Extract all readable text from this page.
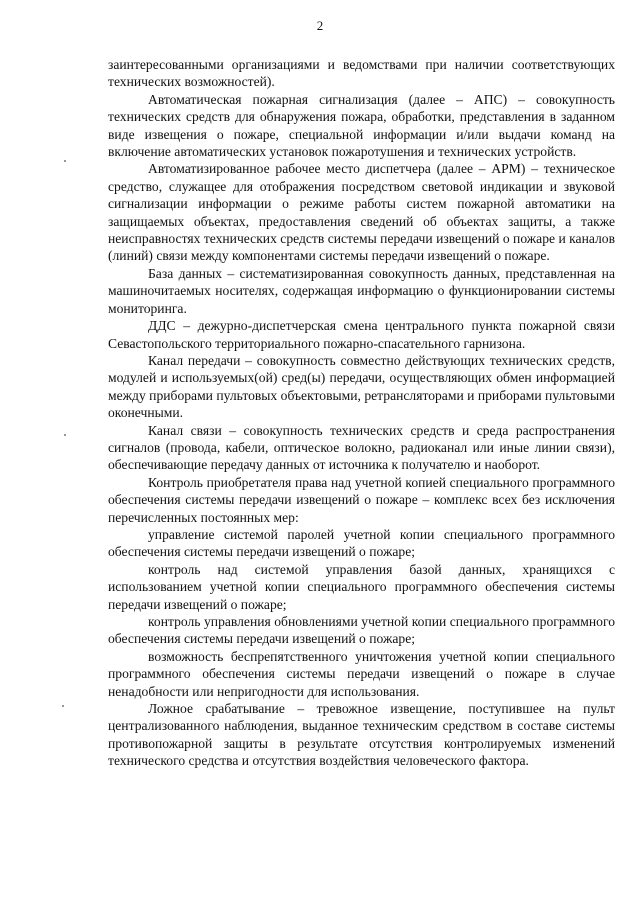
2

заинтересованными организациями и ведомствами при наличии соответствующих технических возможностей).

Автоматическая пожарная сигнализация (далее – АПС) – совокупность технических средств для обнаружения пожара, обработки, представления в заданном виде извещения о пожаре, специальной информации и/или выдачи команд на включение автоматических установок пожаротушения и технических устройств.

Автоматизированное рабочее место диспетчера (далее – АРМ) – техническое средство, служащее для отображения посредством световой индикации и звуковой сигнализации информации о режиме работы систем пожарной автоматики на защищаемых объектах, предоставления сведений об объектах защиты, а также неисправностях технических средств системы передачи извещений о пожаре и каналов (линий) связи между компонентами системы передачи извещений о пожаре.

База данных – систематизированная совокупность данных, представленная на машиночитаемых носителях, содержащая информацию о функционировании системы мониторинга.

ДДС – дежурно-диспетчерская смена центрального пункта пожарной связи Севастопольского территориального пожарно-спасательного гарнизона.

Канал передачи – совокупность совместно действующих технических средств, модулей и используемых(ой) сред(ы) передачи, осуществляющих обмен информацией между приборами пультовых объектовыми, ретрансляторами и приборами пультовыми оконечными.

Канал связи – совокупность технических средств и среда распространения сигналов (провода, кабели, оптическое волокно, радиоканал или иные линии связи), обеспечивающие передачу данных от источника к получателю и наоборот.

Контроль приобретателя права над учетной копией специального программного обеспечения системы передачи извещений о пожаре – комплекс всех без исключения перечисленных постоянных мер:

управление системой паролей учетной копии специального программного обеспечения системы передачи извещений о пожаре;

контроль над системой управления базой данных, хранящихся с использованием учетной копии специального программного обеспечения системы передачи извещений о пожаре;

контроль управления обновлениями учетной копии специального программного обеспечения системы передачи извещений о пожаре;

возможность беспрепятственного уничтожения учетной копии специального программного обеспечения системы передачи извещений о пожаре в случае ненадобности или непригодности для использования.

Ложное срабатывание – тревожное извещение, поступившее на пульт централизованного наблюдения, выданное техническим средством в составе системы противопожарной защиты в результате отсутствия контролируемых изменений технического средства и отсутствия воздействия человеческого фактора.
